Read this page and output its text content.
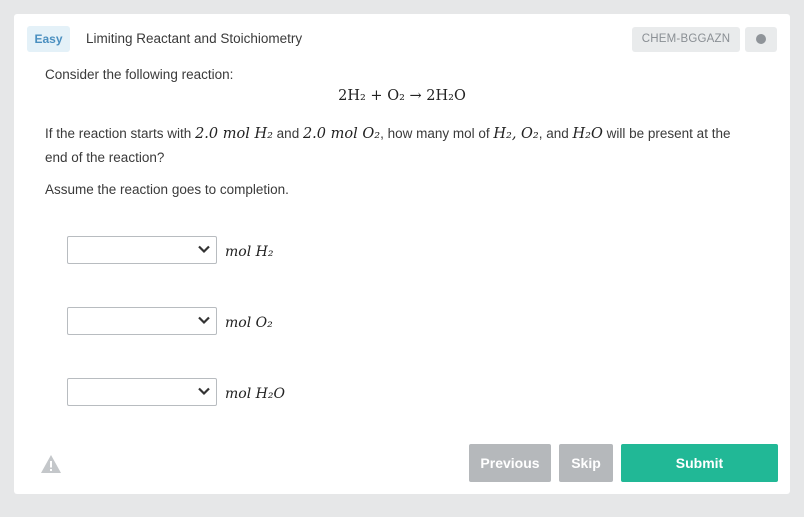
Easy	Limiting Reactant and Stoichiometry	CHEM-BGGAZN
Consider the following reaction:
2H₂ + O₂ → 2H₂O
If the reaction starts with 2.0 mol H₂ and 2.0 mol O₂, how many mol of H₂, O₂, and H₂O will be present at the end of the reaction?
Assume the reaction goes to completion.
mol H₂
mol O₂
mol H₂O
Previous	Skip	Submit
